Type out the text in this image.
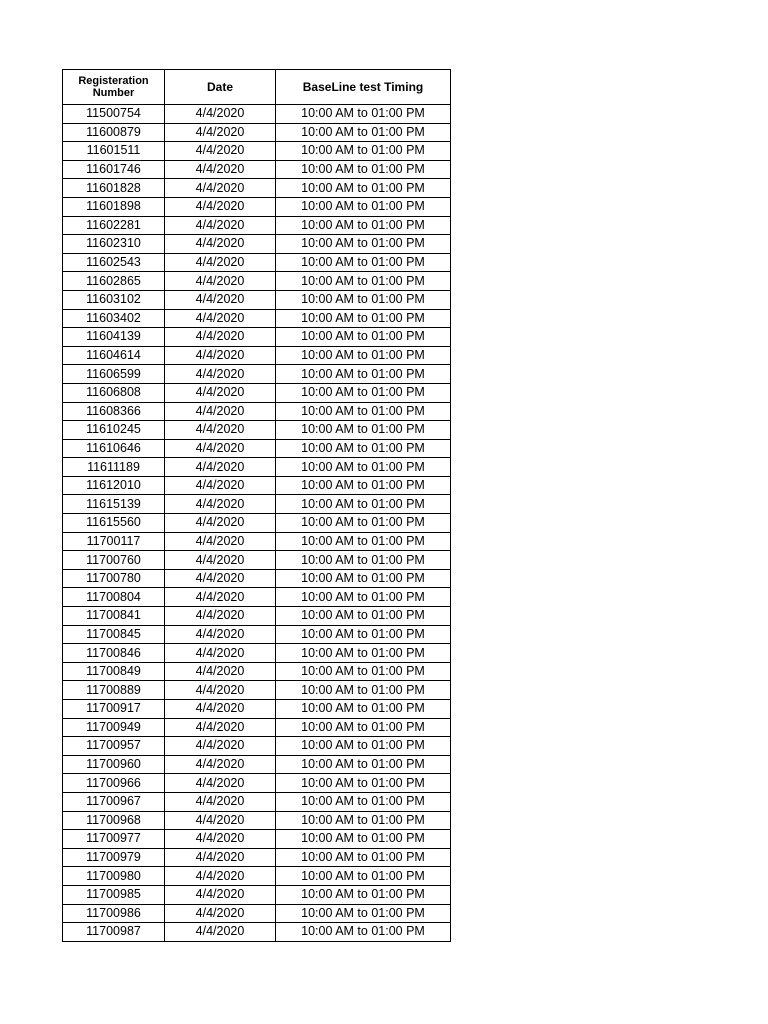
Registeration Number	Date	BaseLine test Timing
11500754	4/4/2020	10:00 AM to 01:00 PM
11600879	4/4/2020	10:00 AM to 01:00 PM
11601511	4/4/2020	10:00 AM to 01:00 PM
11601746	4/4/2020	10:00 AM to 01:00 PM
11601828	4/4/2020	10:00 AM to 01:00 PM
11601898	4/4/2020	10:00 AM to 01:00 PM
11602281	4/4/2020	10:00 AM to 01:00 PM
11602310	4/4/2020	10:00 AM to 01:00 PM
11602543	4/4/2020	10:00 AM to 01:00 PM
11602865	4/4/2020	10:00 AM to 01:00 PM
11603102	4/4/2020	10:00 AM to 01:00 PM
11603402	4/4/2020	10:00 AM to 01:00 PM
11604139	4/4/2020	10:00 AM to 01:00 PM
11604614	4/4/2020	10:00 AM to 01:00 PM
11606599	4/4/2020	10:00 AM to 01:00 PM
11606808	4/4/2020	10:00 AM to 01:00 PM
11608366	4/4/2020	10:00 AM to 01:00 PM
11610245	4/4/2020	10:00 AM to 01:00 PM
11610646	4/4/2020	10:00 AM to 01:00 PM
11611189	4/4/2020	10:00 AM to 01:00 PM
11612010	4/4/2020	10:00 AM to 01:00 PM
11615139	4/4/2020	10:00 AM to 01:00 PM
11615560	4/4/2020	10:00 AM to 01:00 PM
11700117	4/4/2020	10:00 AM to 01:00 PM
11700760	4/4/2020	10:00 AM to 01:00 PM
11700780	4/4/2020	10:00 AM to 01:00 PM
11700804	4/4/2020	10:00 AM to 01:00 PM
11700841	4/4/2020	10:00 AM to 01:00 PM
11700845	4/4/2020	10:00 AM to 01:00 PM
11700846	4/4/2020	10:00 AM to 01:00 PM
11700849	4/4/2020	10:00 AM to 01:00 PM
11700889	4/4/2020	10:00 AM to 01:00 PM
11700917	4/4/2020	10:00 AM to 01:00 PM
11700949	4/4/2020	10:00 AM to 01:00 PM
11700957	4/4/2020	10:00 AM to 01:00 PM
11700960	4/4/2020	10:00 AM to 01:00 PM
11700966	4/4/2020	10:00 AM to 01:00 PM
11700967	4/4/2020	10:00 AM to 01:00 PM
11700968	4/4/2020	10:00 AM to 01:00 PM
11700977	4/4/2020	10:00 AM to 01:00 PM
11700979	4/4/2020	10:00 AM to 01:00 PM
11700980	4/4/2020	10:00 AM to 01:00 PM
11700985	4/4/2020	10:00 AM to 01:00 PM
11700986	4/4/2020	10:00 AM to 01:00 PM
11700987	4/4/2020	10:00 AM to 01:00 PM
